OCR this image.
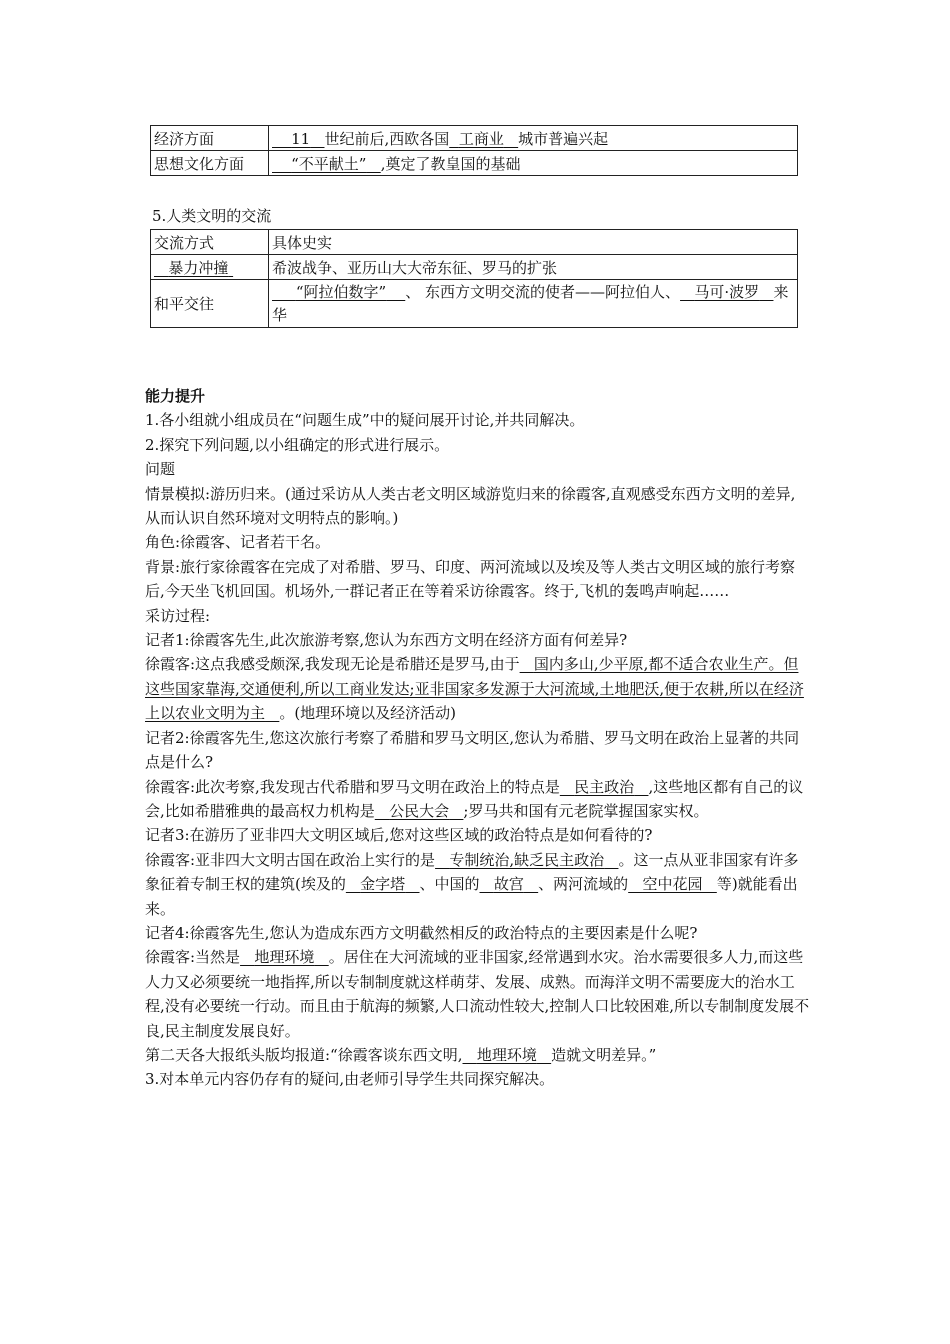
经济方面	11 世纪前后,西欧各国 工商业 城市普遍兴起
思想文化方面	“不平献土” ,奠定了教皇国的基础
5.人类文明的交流
交流方式	具体史实
暴力冲撞	希波战争、亚历山大大帝东征、罗马的扩张
和平交往	“阿拉伯数字” 、 东西方文明交流的使者——阿拉伯人、 马可·波罗 来华

能力提升

1.各小组就小组成员在“问题生成”中的疑问展开讨论,并共同解决。

2.探究下列问题,以小组确定的形式进行展示。

问题

情景模拟:游历归来。(通过采访从人类古老文明区域游览归来的徐霞客,直观感受东西方文明的差异,从而认识自然环境对文明特点的影响。)

角色:徐霞客、记者若干名。

背景:旅行家徐霞客在完成了对希腊、罗马、印度、两河流域以及埃及等人类古文明区域的旅行考察后,今天坐飞机回国。机场外,一群记者正在等着采访徐霞客。终于,飞机的轰鸣声响起……

采访过程:

记者1:徐霞客先生,此次旅游考察,您认为东西方文明在经济方面有何差异?

徐霞客:这点我感受颇深,我发现无论是希腊还是罗马,由于 国内多山,少平原,都不适合农业生产。但这些国家靠海,交通便利,所以工商业发达;亚非国家多发源于大河流域,土地肥沃,便于农耕,所以在经济上以农业文明为主 。(地理环境以及经济活动)

记者2:徐霞客先生,您这次旅行考察了希腊和罗马文明区,您认为希腊、罗马文明在政治上显著的共同点是什么?

徐霞客:此次考察,我发现古代希腊和罗马文明在政治上的特点是 民主政治 ,这些地区都有自己的议会,比如希腊雅典的最高权力机构是 公民大会 ;罗马共和国有元老院掌握国家实权。

记者3:在游历了亚非四大文明区域后,您对这些区域的政治特点是如何看待的?

徐霞客:亚非四大文明古国在政治上实行的是 专制统治,缺乏民主政治 。这一点从亚非国家有许多象征着专制王权的建筑(埃及的 金字塔 、中国的 故宫 、两河流域的 空中花园 等)就能看出来。

记者4:徐霞客先生,您认为造成东西方文明截然相反的政治特点的主要因素是什么呢?

徐霞客:当然是 地理环境 。居住在大河流域的亚非国家,经常遇到水灾。治水需要很多人力,而这些人力又必须要统一地指挥,所以专制制度就这样萌芽、发展、成熟。而海洋文明不需要庞大的治水工程,没有必要统一行动。而且由于航海的频繁,人口流动性较大,控制人口比较困难,所以专制制度发展不良,民主制度发展良好。

第二天各大报纸头版均报道:“徐霞客谈东西文明, 地理环境 造就文明差异。”

3.对本单元内容仍存有的疑问,由老师引导学生共同探究解决。
